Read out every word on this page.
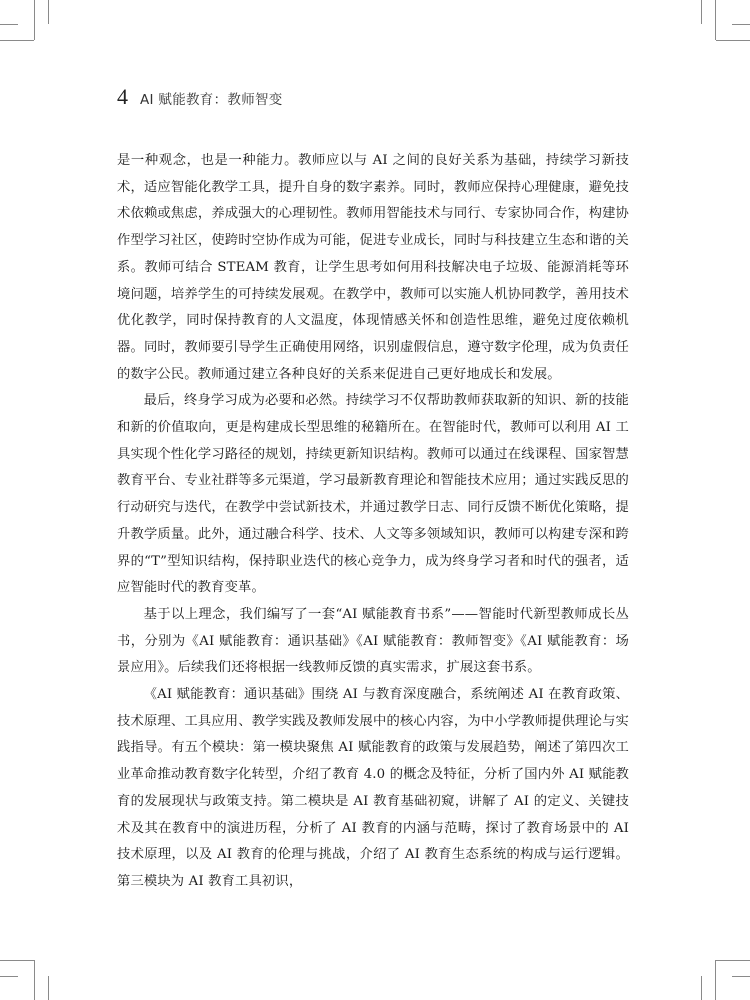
4 AI 赋能教育：教师智变

是一种观念，也是一种能力。教师应以与 AI 之间的良好关系为基础，持续学习新技术，适应智能化教学工具，提升自身的数字素养。同时，教师应保持心理健康，避免技术依赖或焦虑，养成强大的心理韧性。教师用智能技术与同行、专家协同合作，构建协作型学习社区，使跨时空协作成为可能，促进专业成长，同时与科技建立生态和谐的关系。教师可结合 STEAM 教育，让学生思考如何用科技解决电子垃圾、能源消耗等环境问题，培养学生的可持续发展观。在教学中，教师可以实施人机协同教学，善用技术优化教学，同时保持教育的人文温度，体现情感关怀和创造性思维，避免过度依赖机器。同时，教师要引导学生正确使用网络，识别虚假信息，遵守数字伦理，成为负责任的数字公民。教师通过建立各种良好的关系来促进自己更好地成长和发展。

最后，终身学习成为必要和必然。持续学习不仅帮助教师获取新的知识、新的技能和新的价值取向，更是构建成长型思维的秘籍所在。在智能时代，教师可以利用 AI 工具实现个性化学习路径的规划，持续更新知识结构。教师可以通过在线课程、国家智慧教育平台、专业社群等多元渠道，学习最新教育理论和智能技术应用；通过实践反思的行动研究与迭代，在教学中尝试新技术，并通过教学日志、同行反馈不断优化策略，提升教学质量。此外，通过融合科学、技术、人文等多领域知识，教师可以构建专深和跨界的“T”型知识结构，保持职业迭代的核心竞争力，成为终身学习者和时代的强者，适应智能时代的教育变革。

基于以上理念，我们编写了一套“AI 赋能教育书系”——智能时代新型教师成长丛书，分别为《AI 赋能教育：通识基础》《AI 赋能教育：教师智变》《AI 赋能教育：场景应用》。后续我们还将根据一线教师反馈的真实需求，扩展这套书系。

《AI 赋能教育：通识基础》围绕 AI 与教育深度融合，系统阐述 AI 在教育政策、技术原理、工具应用、教学实践及教师发展中的核心内容，为中小学教师提供理论与实践指导。有五个模块：第一模块聚焦 AI 赋能教育的政策与发展趋势，阐述了第四次工业革命推动教育数字化转型，介绍了教育 4.0 的概念及特征，分析了国内外 AI 赋能教育的发展现状与政策支持。第二模块是 AI 教育基础初窥，讲解了 AI 的定义、关键技术及其在教育中的演进历程，分析了 AI 教育的内涵与范畴，探讨了教育场景中的 AI 技术原理，以及 AI 教育的伦理与挑战，介绍了 AI 教育生态系统的构成与运行逻辑。第三模块为 AI 教育工具初识，
